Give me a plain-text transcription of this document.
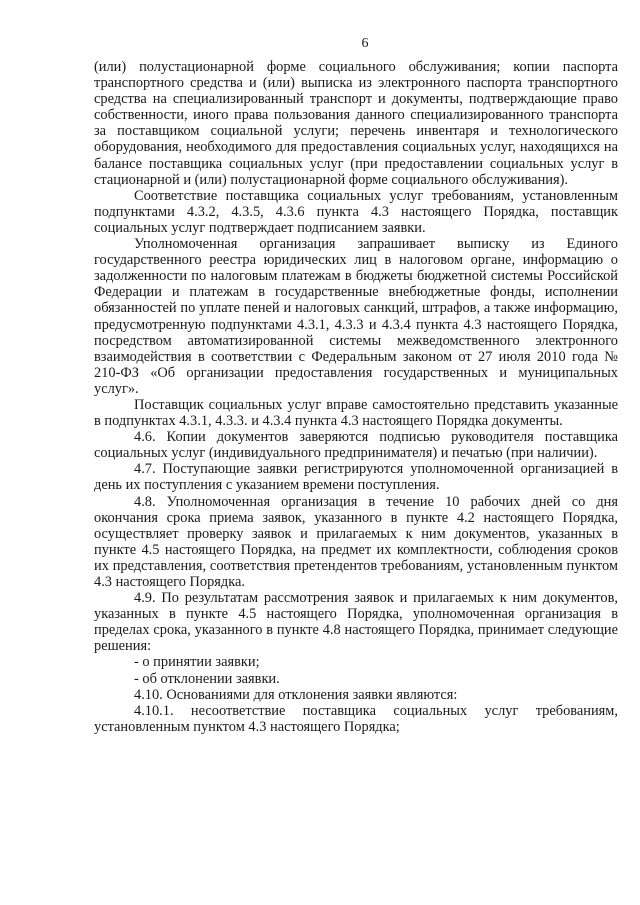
6

(или) полустационарной форме социального обслуживания; копии паспорта транспортного средства и (или) выписка из электронного паспорта транспортного средства на специализированный транспорт и документы, подтверждающие право собственности, иного права пользования данного специализированного транспорта за поставщиком социальной услуги; перечень инвентаря и технологического оборудования, необходимого для предоставления социальных услуг, находящихся на балансе поставщика социальных услуг (при предоставлении социальных услуг в стационарной и (или) полустационарной форме социального обслуживания).

Соответствие поставщика социальных услуг требованиям, установленным подпунктами 4.3.2, 4.3.5, 4.3.6 пункта 4.3 настоящего Порядка, поставщик социальных услуг подтверждает подписанием заявки.

Уполномоченная организация запрашивает выписку из Единого государственного реестра юридических лиц в налоговом органе, информацию о задолженности по налоговым платежам в бюджеты бюджетной системы Российской Федерации и платежам в государственные внебюджетные фонды, исполнении обязанностей по уплате пеней и налоговых санкций, штрафов, а также информацию, предусмотренную подпунктами 4.3.1, 4.3.3 и 4.3.4 пункта 4.3 настоящего Порядка, посредством автоматизированной системы межведомственного электронного взаимодействия в соответствии с Федеральным законом от 27 июля 2010 года № 210-ФЗ «Об организации предоставления государственных и муниципальных услуг».

Поставщик социальных услуг вправе самостоятельно представить указанные в подпунктах 4.3.1, 4.3.3. и 4.3.4 пункта 4.3 настоящего Порядка документы.

4.6. Копии документов заверяются подписью руководителя поставщика социальных услуг (индивидуального предпринимателя) и печатью (при наличии).

4.7. Поступающие заявки регистрируются уполномоченной организацией в день их поступления с указанием времени поступления.

4.8. Уполномоченная организация в течение 10 рабочих дней со дня окончания срока приема заявок, указанного в пункте 4.2 настоящего Порядка, осуществляет проверку заявок и прилагаемых к ним документов, указанных в пункте 4.5 настоящего Порядка, на предмет их комплектности, соблюдения сроков их представления, соответствия претендентов требованиям, установленным пунктом 4.3 настоящего Порядка.

4.9. По результатам рассмотрения заявок и прилагаемых к ним документов, указанных в пункте 4.5 настоящего Порядка, уполномоченная организация в пределах срока, указанного в пункте 4.8 настоящего Порядка, принимает следующие решения:

- о принятии заявки;

- об отклонении заявки.

4.10. Основаниями для отклонения заявки являются:

4.10.1. несоответствие поставщика социальных услуг требованиям, установленным пунктом 4.3 настоящего Порядка;
